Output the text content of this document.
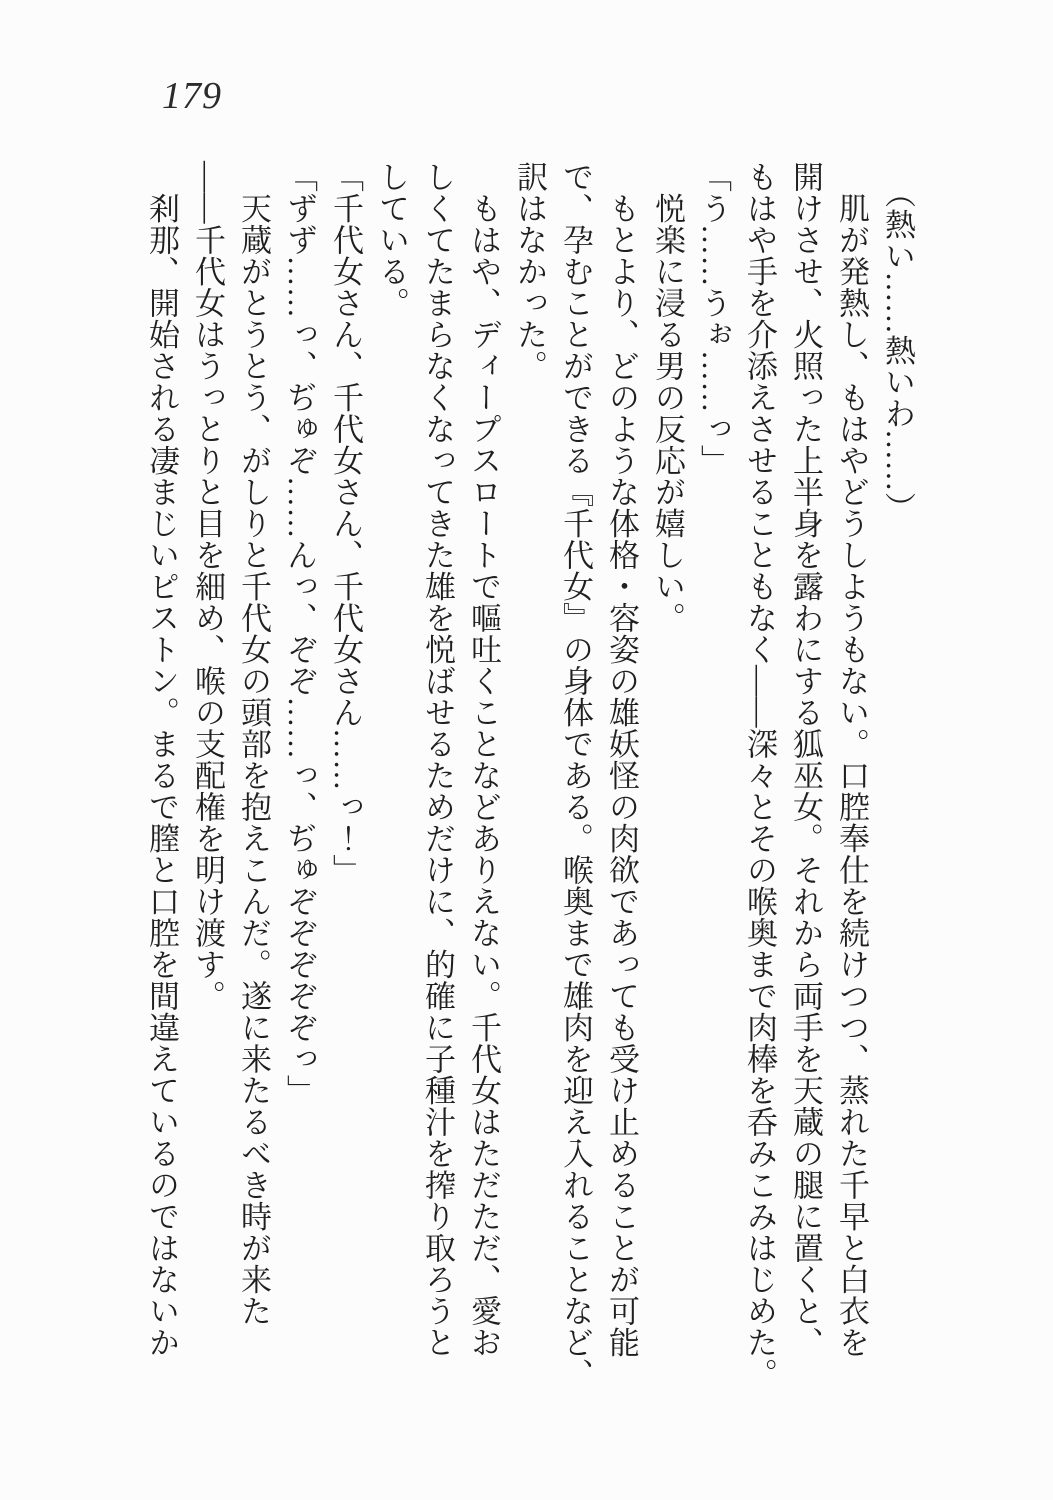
179
　（熱い……熱いわ……）
　肌が発熱し、もはやどうしようもない。口腔奉仕を続けつつ、蒸れた千早と白衣を
開けさせ、火照った上半身を露わにする狐巫女。それから両手を天蔵の腿に置くと、
もはや手を介添えさせることもなく――深々とその喉奥まで肉棒を呑みこみはじめた。
「う……うぉ……っ」
　悦楽に浸る男の反応が嬉しい。
　もとより、どのような体格・容姿の雄妖怪の肉欲であっても受け止めることが可能
で、孕むことができる『千代女』の身体である。喉奥まで雄肉を迎え入れることなど、
訳はなかった。
　もはや、ディープスロートで嘔吐くことなどありえない。千代女はただただ、愛お
しくてたまらなくなってきた雄を悦ばせるためだけに、的確に子種汁を搾り取ろうと
している。
「千代女さん、千代女さん、千代女さん……っ！」
「ずず……っ、ぢゅぞ……んっ、ぞぞ……っ、ぢゅぞぞぞぞぞっ」
　天蔵がとうとう、がしりと千代女の頭部を抱えこんだ。遂に来たるべき時が来た
――千代女はうっとりと目を細め、喉の支配権を明け渡す。
　刹那、開始される凄まじいピストン。まるで膣と口腔を間違えているのではないか
